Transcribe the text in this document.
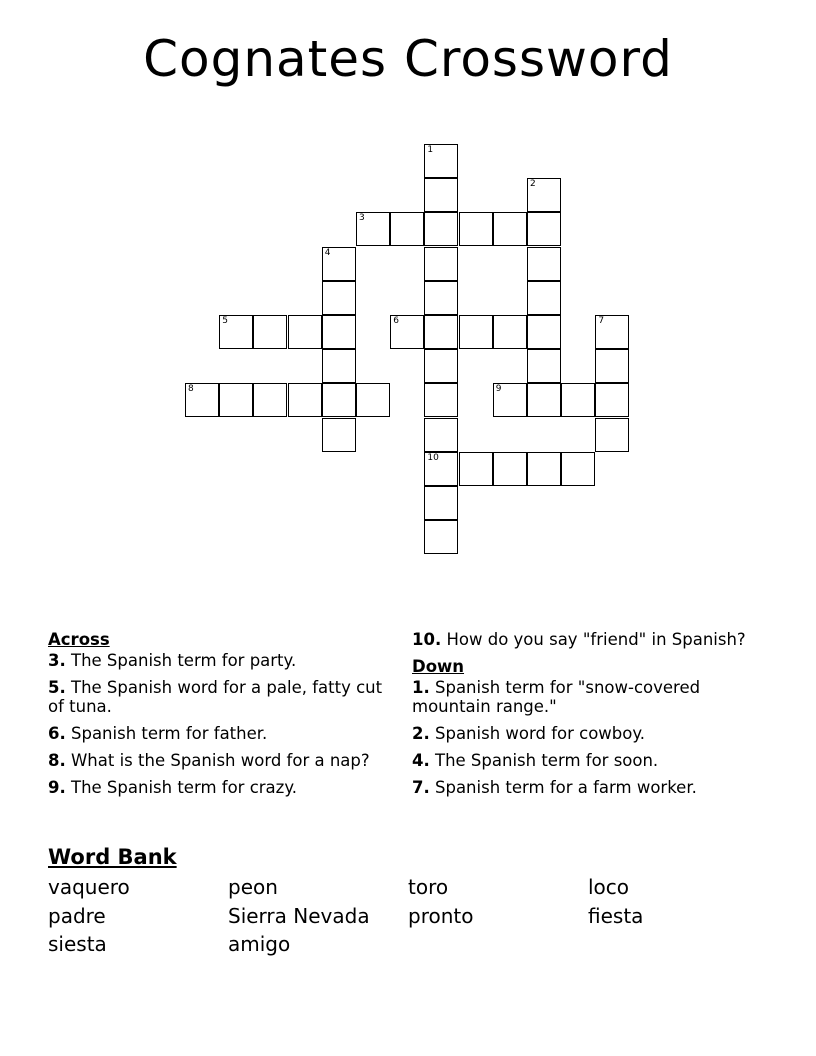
Cognates Crossword
1
2
3
4
5	6	7
8	9
10
Across
3. The Spanish term for party.
5. The Spanish word for a pale, fatty cut of tuna.
6. Spanish term for father.
8. What is the Spanish word for a nap?
9. The Spanish term for crazy.
10. How do you say "friend" in Spanish?
Down
1. Spanish term for "snow-covered mountain range."
2. Spanish word for cowboy.
4. The Spanish term for soon.
7. Spanish term for a farm worker.
Word Bank
vaquero	peon	toro	loco
padre	Sierra Nevada	pronto	fiesta
siesta	amigo
